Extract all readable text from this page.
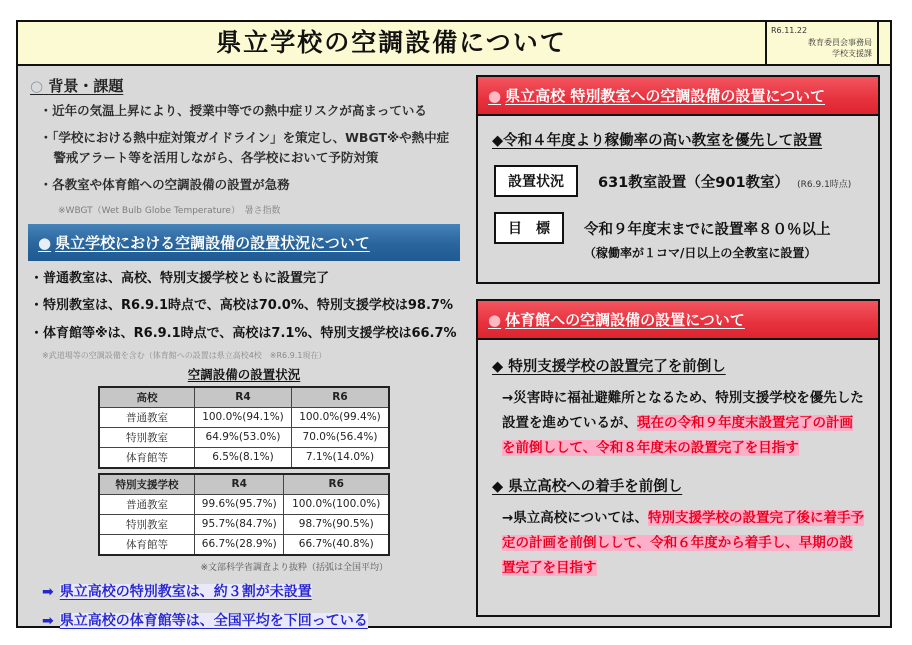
県立学校の空調設備について	R6.11.22
教育委員会事務局
学校支援課
○ 背景・課題
・近年の気温上昇により、授業中等での熱中症リスクが高まっている
・「学校における熱中症対策ガイドライン」を策定し、WBGT※や熱中症警戒アラート等を活用しながら、各学校において予防対策
・各教室や体育館への空調設備の設置が急務
※WBGT（Wet Bulb Globe Temperature）　暑さ指数
● 県立学校における空調設備の設置状況について
・普通教室は、高校、特別支援学校ともに設置完了
・特別教室は、R6.9.1時点で、高校は70.0%、特別支援学校は98.7%
・体育館等※は、R6.9.1時点で、高校は7.1%、特別支援学校は66.7%
※武道場等の空調設備を含む（体育館への設置は県立高校4校　※R6.9.1現在）
空調設備の設置状況
高校	R4	R6
普通教室	100.0%(94.1%)	100.0%(99.4%)
特別教室	64.9%(53.0%)	70.0%(56.4%)
体育館等	6.5%(8.1%)	7.1%(14.0%)
特別支援学校	R4	R6
普通教室	99.6%(95.7%)	100.0%(100.0%)
特別教室	95.7%(84.7%)	98.7%(90.5%)
体育館等	66.7%(28.9%)	66.7%(40.8%)
※文部科学省調査より抜粋（括弧は全国平均）
➡ 県立高校の特別教室は、約３割が未設置
➡ 県立高校の体育館等は、全国平均を下回っている
● 県立高校 特別教室への空調設備の設置について
◆令和４年度より稼働率の高い教室を優先して設置
設置状況	631教室設置（全901教室） (R6.9.1時点)
目　標	令和９年度末までに設置率８０％以上
（稼働率が１コマ/日以上の全教室に設置）
● 体育館への空調設備の設置について
◆ 特別支援学校の設置完了を前倒し
→災害時に福祉避難所となるため、特別支援学校を優先した設置を進めているが、現在の令和９年度末設置完了の計画を前倒しして、令和８年度末の設置完了を目指す
◆ 県立高校への着手を前倒し
→県立高校については、特別支援学校の設置完了後に着手予定の計画を前倒しして、令和６年度から着手し、早期の設置完了を目指す
